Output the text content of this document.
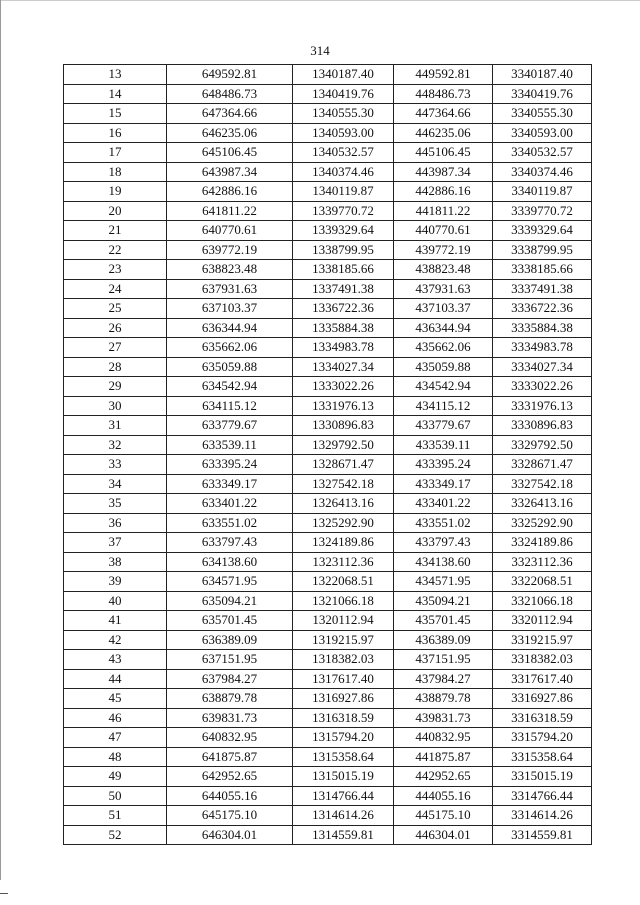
314
13	649592.81	1340187.40	449592.81	3340187.40
14	648486.73	1340419.76	448486.73	3340419.76
15	647364.66	1340555.30	447364.66	3340555.30
16	646235.06	1340593.00	446235.06	3340593.00
17	645106.45	1340532.57	445106.45	3340532.57
18	643987.34	1340374.46	443987.34	3340374.46
19	642886.16	1340119.87	442886.16	3340119.87
20	641811.22	1339770.72	441811.22	3339770.72
21	640770.61	1339329.64	440770.61	3339329.64
22	639772.19	1338799.95	439772.19	3338799.95
23	638823.48	1338185.66	438823.48	3338185.66
24	637931.63	1337491.38	437931.63	3337491.38
25	637103.37	1336722.36	437103.37	3336722.36
26	636344.94	1335884.38	436344.94	3335884.38
27	635662.06	1334983.78	435662.06	3334983.78
28	635059.88	1334027.34	435059.88	3334027.34
29	634542.94	1333022.26	434542.94	3333022.26
30	634115.12	1331976.13	434115.12	3331976.13
31	633779.67	1330896.83	433779.67	3330896.83
32	633539.11	1329792.50	433539.11	3329792.50
33	633395.24	1328671.47	433395.24	3328671.47
34	633349.17	1327542.18	433349.17	3327542.18
35	633401.22	1326413.16	433401.22	3326413.16
36	633551.02	1325292.90	433551.02	3325292.90
37	633797.43	1324189.86	433797.43	3324189.86
38	634138.60	1323112.36	434138.60	3323112.36
39	634571.95	1322068.51	434571.95	3322068.51
40	635094.21	1321066.18	435094.21	3321066.18
41	635701.45	1320112.94	435701.45	3320112.94
42	636389.09	1319215.97	436389.09	3319215.97
43	637151.95	1318382.03	437151.95	3318382.03
44	637984.27	1317617.40	437984.27	3317617.40
45	638879.78	1316927.86	438879.78	3316927.86
46	639831.73	1316318.59	439831.73	3316318.59
47	640832.95	1315794.20	440832.95	3315794.20
48	641875.87	1315358.64	441875.87	3315358.64
49	642952.65	1315015.19	442952.65	3315015.19
50	644055.16	1314766.44	444055.16	3314766.44
51	645175.10	1314614.26	445175.10	3314614.26
52	646304.01	1314559.81	446304.01	3314559.81
